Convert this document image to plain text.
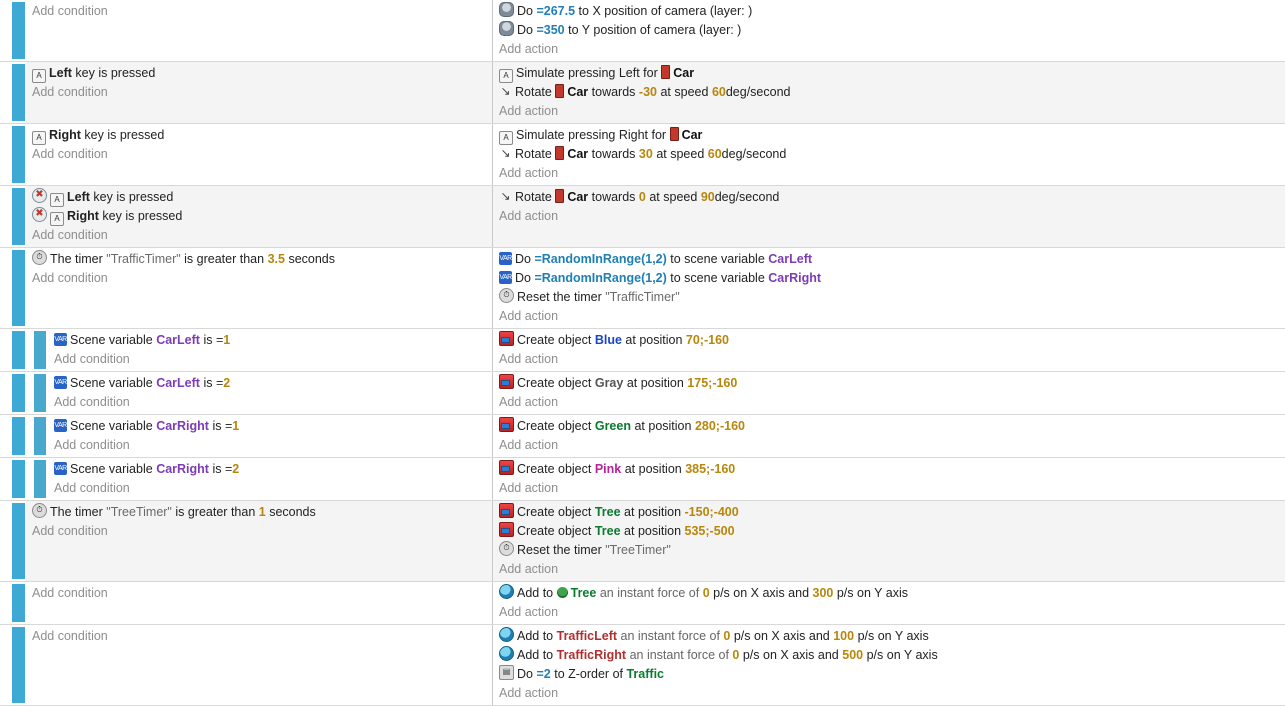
Add condition	Do =267.5 to X position of camera (layer: )
Do =350 to Y position of camera (layer: )
Add action
A Left key is pressed
Add condition
A Simulate pressing Left for Car
↘ Rotate Car towards -30 at speed 60deg/second
Add action
A Right key is pressed
Add condition
A Simulate pressing Right for Car
↘ Rotate Car towards 30 at speed 60deg/second
Add action
✖ A Left key is pressed
✖ A Right key is pressed
Add condition
↘ Rotate Car towards 0 at speed 90deg/second
Add action
⏱ The timer "TrafficTimer" is greater than 3.5 seconds
Add condition
VAR Do =RandomInRange(1,2) to scene variable CarLeft
VAR Do =RandomInRange(1,2) to scene variable CarRight
⏱ Reset the timer "TrafficTimer"
Add action
VAR Scene variable CarLeft is =1
Add condition
Create object Blue at position 70;-160
Add action
VAR Scene variable CarLeft is =2
Add condition
Create object Gray at position 175;-160
Add action
VAR Scene variable CarRight is =1
Add condition
Create object Green at position 280;-160
Add action
VAR Scene variable CarRight is =2
Add condition
Create object Pink at position 385;-160
Add action
⏱ The timer "TreeTimer" is greater than 1 seconds
Add condition
Create object Tree at position -150;-400
Create object Tree at position 535;-500
⏱ Reset the timer "TreeTimer"
Add action
Add condition	Add to Tree an instant force of 0 p/s on X axis and 300 p/s on Y axis
Add action
Add condition	Add to TrafficLeft an instant force of 0 p/s on X axis and 100 p/s on Y axis
Add to TrafficRight an instant force of 0 p/s on X axis and 500 p/s on Y axis
▤ Do =2 to Z-order of Traffic
Add action
